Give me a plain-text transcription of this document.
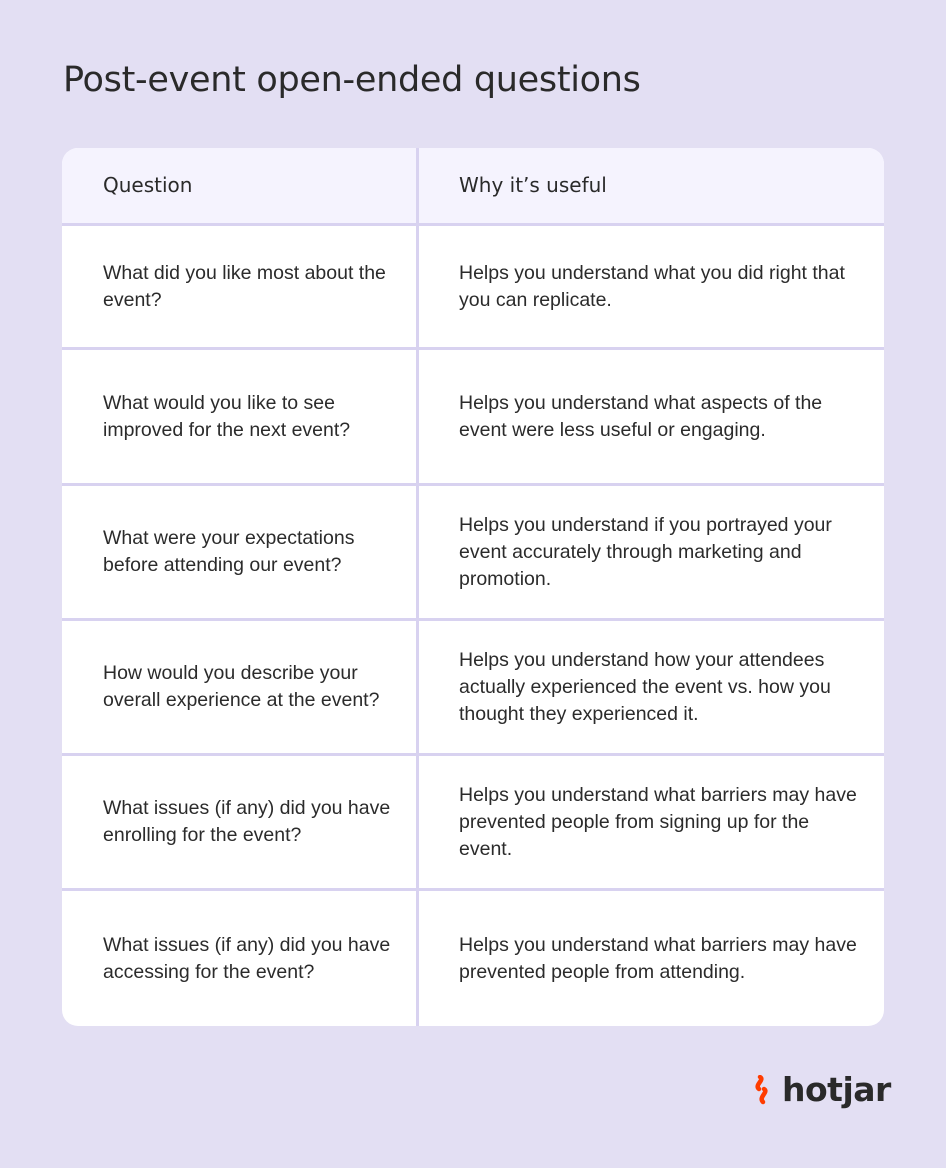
Post-event open-ended questions
Question	Why it’s useful
What did you like most about the event?
Helps you understand what you did right that you can replicate.
What would you like to see improved for the next event?
Helps you understand what aspects of the event were less useful or engaging.
What were your expectations before attending our event?
Helps you understand if you portrayed your event accurately through marketing and promotion.
How would you describe your overall experience at the event?
Helps you understand how your attendees actually experienced the event vs. how you thought they experienced it.
What issues (if any) did you have enrolling for the event?
Helps you understand what barriers may have prevented people from signing up for the event.
What issues (if any) did you have accessing for the event?
Helps you understand what barriers may have prevented people from attending.
hotjar
